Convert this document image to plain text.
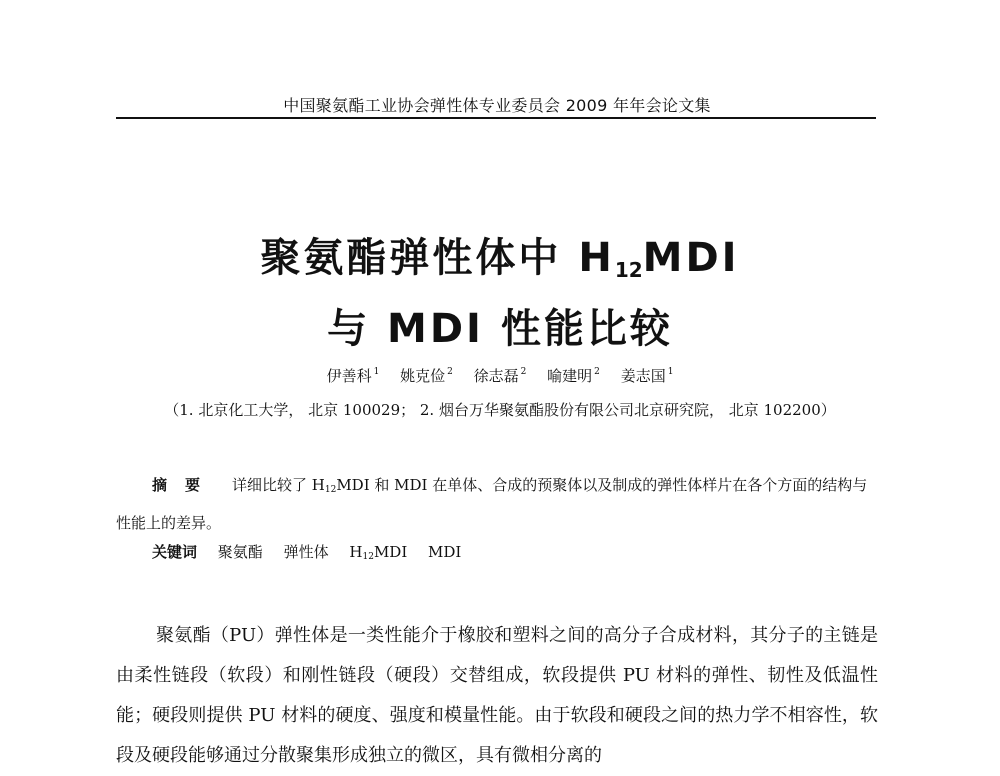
中国聚氨酯工业协会弹性体专业委员会 2009 年年会论文集
聚氨酯弹性体中 $H_{12}MDI$
与 MDI 性能比较
伊善科 $^1$ 姚克俭 $^2$ 徐志磊 $^2$ 喻建明 $^2$ 姜志国 $^1$
（1. 北京化工大学， 北京 100029； 2. 烟台万华聚氨酯股份有限公司北京研究院， 北京 102200）
摘要 详细比较了 $H_{12}MDI$ 和 MDI 在单体、合成的预聚体以及制成的弹性体样片在各个方面的结构与性能上的差异。
关键词 聚氨酯 弹性体 $H_{12}MDI$ MDI
聚氨酯（PU）弹性体是一类性能介于橡胶和塑料之间的高分子合成材料，其分子的主链是由柔性链段（软段）和刚性链段（硬段）交替组成，软段提供 PU 材料的弹性、韧性及低温性能；硬段则提供 PU 材料的硬度、强度和模量性能。由于软段和硬段之间的热力学不相容性，软段及硬段能够通过分散聚集形成独立的微区，具有微相分离的
